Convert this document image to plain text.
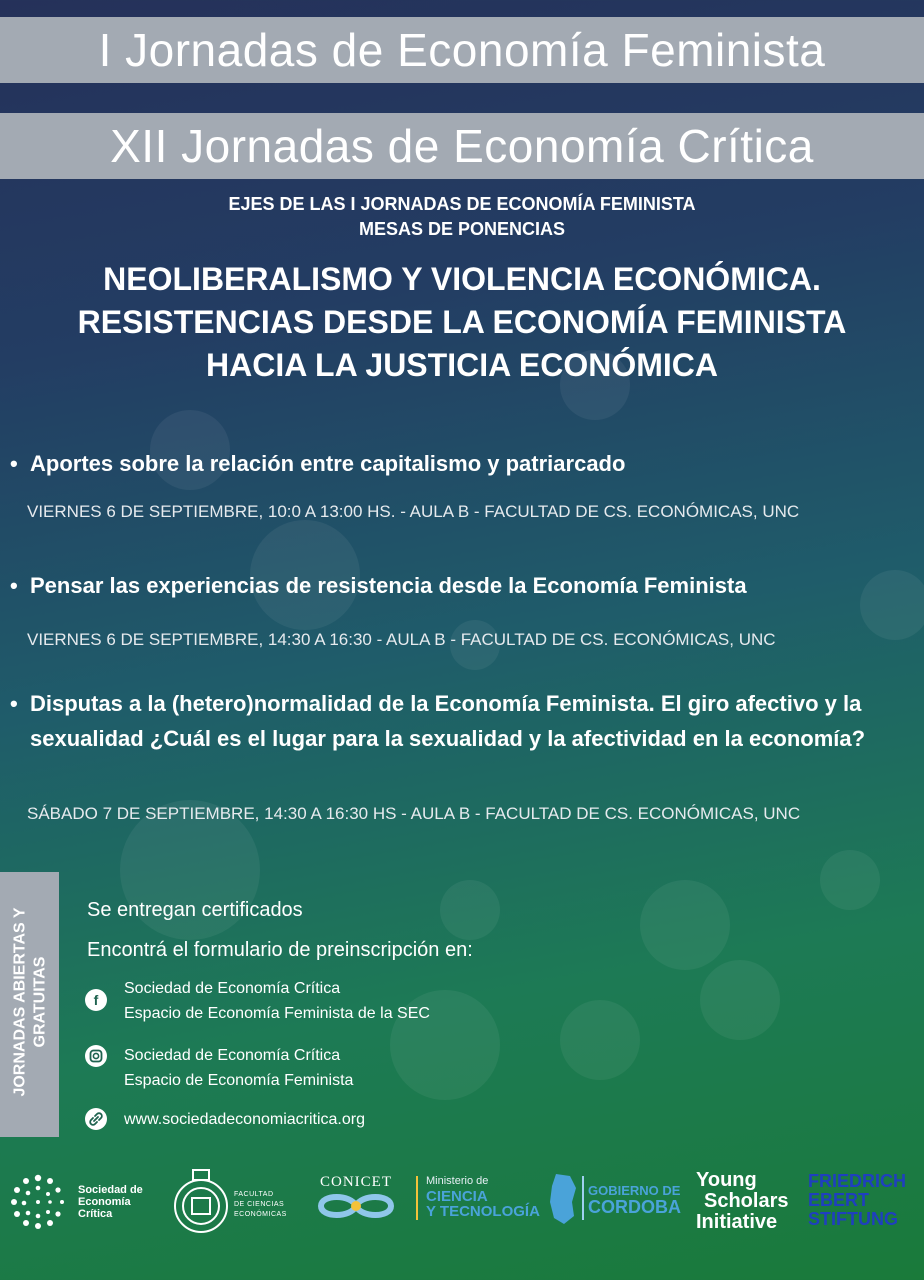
I Jornadas de Economía Feminista
XII Jornadas de Economía Crítica
EJES DE LAS I JORNADAS DE ECONOMÍA FEMINISTA
MESAS DE PONENCIAS
NEOLIBERALISMO Y VIOLENCIA ECONÓMICA.
RESISTENCIAS DESDE LA ECONOMÍA FEMINISTA
HACIA LA JUSTICIA ECONÓMICA
• Aportes sobre la relación entre capitalismo y patriarcado
VIERNES 6 DE SEPTIEMBRE, 10:0 A 13:00 HS. - AULA B - FACULTAD DE CS. ECONÓMICAS, UNC
• Pensar las experiencias de resistencia desde la Economía Feminista
VIERNES 6 DE SEPTIEMBRE, 14:30 A 16:30 - AULA B - FACULTAD DE CS. ECONÓMICAS, UNC
• Disputas a la (hetero)normalidad de la Economía Feminista. El giro afectivo y la sexualidad ¿Cuál es el lugar para la sexualidad y la afectividad en la economía?
SÁBADO 7 DE SEPTIEMBRE, 14:30 A 16:30 HS - AULA B - FACULTAD DE CS. ECONÓMICAS, UNC
JORNADAS ABIERTAS Y GRATUITAS
Se entregan certificados
Encontrá el formulario de preinscripción en:
f
Sociedad de Economía Crítica
Espacio de Economía Feminista de la SEC
Sociedad de Economía Crítica
Espacio de Economía Feminista
www.sociedadeconomiacritica.org
Sociedad de
Economía
Crítica
FACULTAD
DE CIENCIAS
ECONÓMICAS
CONICET	Ministerio de
CIENCIA
Y TECNOLOGÍA
GOBIERNO DE
CORDOBA
Young
Scholars
Initiative
FRIEDRICH
EBERT
STIFTUNG
